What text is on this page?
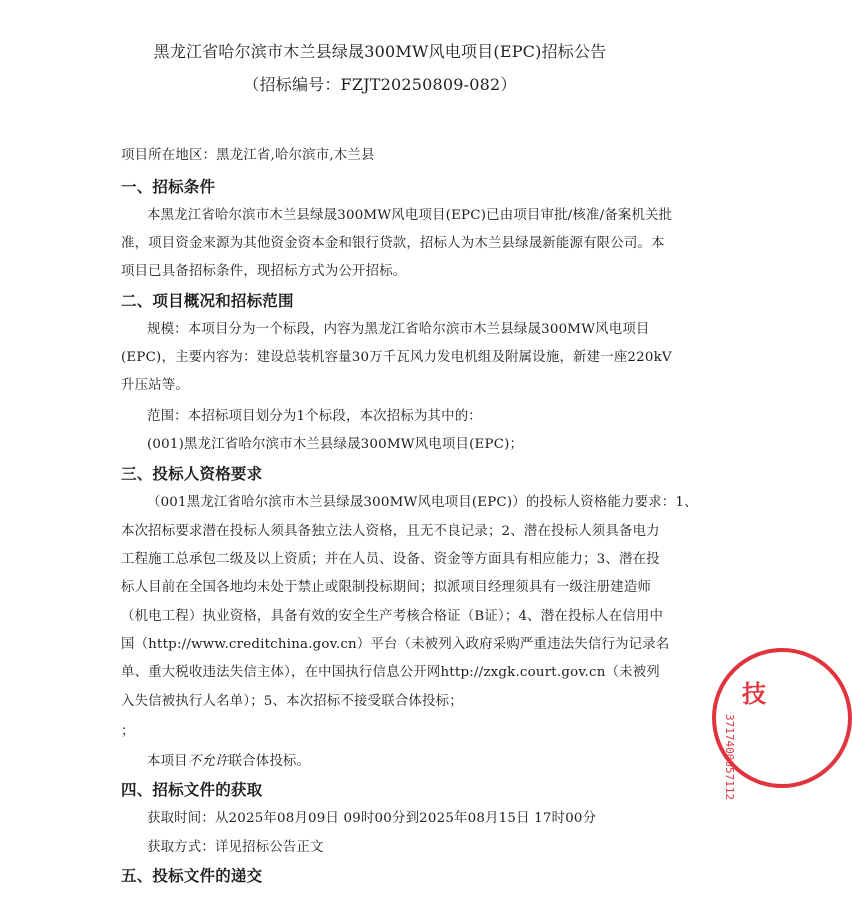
黑龙江省哈尔滨市木兰县绿晟300MW风电项目(EPC)招标公告
（招标编号：FZJT20250809-082）
项目所在地区：黑龙江省,哈尔滨市,木兰县
一、招标条件
本黑龙江省哈尔滨市木兰县绿晟300MW风电项目(EPC)已由项目审批/核准/备案机关批
准，项目资金来源为其他资金资本金和银行贷款，招标人为木兰县绿晟新能源有限公司。本
项目已具备招标条件，现招标方式为公开招标。
二、项目概况和招标范围
规模：本项目分为一个标段，内容为黑龙江省哈尔滨市木兰县绿晟300MW风电项目
(EPC)，主要内容为：建设总装机容量30万千瓦风力发电机组及附属设施，新建一座220kV
升压站等。
范围：本招标项目划分为1个标段，本次招标为其中的：
(001)黑龙江省哈尔滨市木兰县绿晟300MW风电项目(EPC)；
三、投标人资格要求
（001黑龙江省哈尔滨市木兰县绿晟300MW风电项目(EPC)）的投标人资格能力要求：1、
本次招标要求潜在投标人须具备独立法人资格，且无不良记录；2、潜在投标人须具备电力
工程施工总承包二级及以上资质；并在人员、设备、资金等方面具有相应能力；3、潜在投
标人目前在全国各地均未处于禁止或限制投标期间；拟派项目经理须具有一级注册建造师
（机电工程）执业资格，具备有效的安全生产考核合格证（B证）；4、潜在投标人在信用中
国（http://www.creditchina.gov.cn）平台（未被列入政府采购严重违法失信行为记录名
单、重大税收违法失信主体），在中国执行信息公开网http://zxgk.court.gov.cn（未被列
入失信被执行人名单）；5、本次招标不接受联合体投标；
；
本项目不允许联合体投标。
四、招标文件的获取
获取时间：从2025年08月09日 09时00分到2025年08月15日 17时00分
获取方式：详见招标公告正文
五、投标文件的递交
技
3717400057112
